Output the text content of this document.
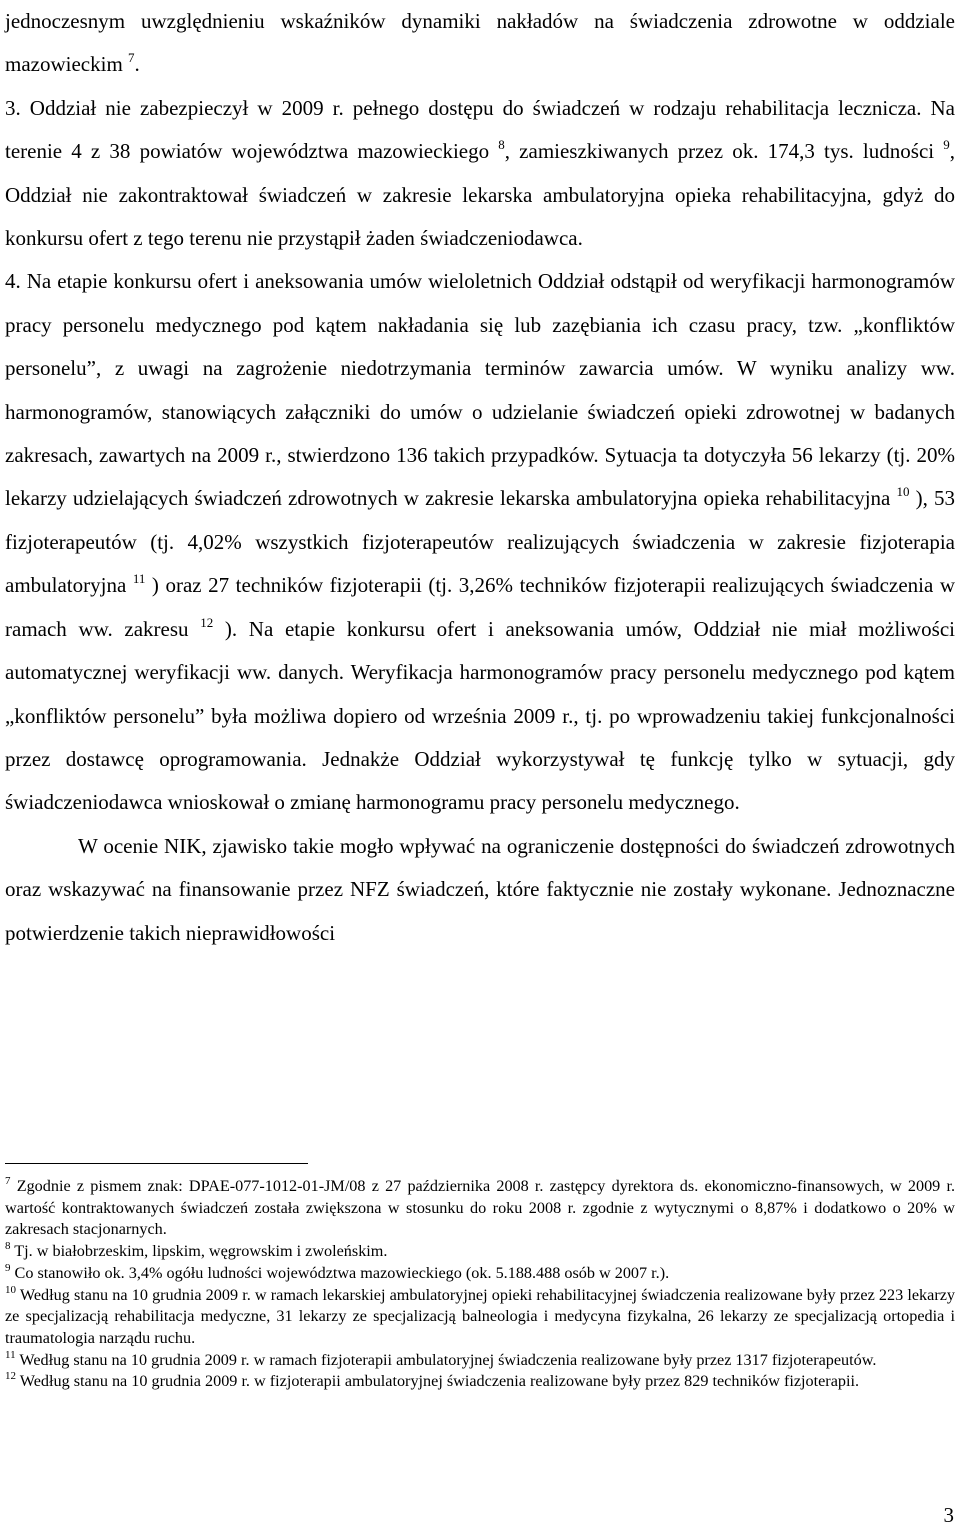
jednoczesnym uwzględnieniu wskaźników dynamiki nakładów na świadczenia zdrowotne w oddziale mazowieckim $^7$.

3. Oddział nie zabezpieczył w 2009 r. pełnego dostępu do świadczeń w rodzaju rehabilitacja lecznicza. Na terenie 4 z 38 powiatów województwa mazowieckiego $^8$, zamieszkiwanych przez ok. 174,3 tys. ludności $^9$, Oddział nie zakontraktował świadczeń w zakresie lekarska ambulatoryjna opieka rehabilitacyjna, gdyż do konkursu ofert z tego terenu nie przystąpił żaden świadczeniodawca.

4. Na etapie konkursu ofert i aneksowania umów wieloletnich Oddział odstąpił od weryfikacji harmonogramów pracy personelu medycznego pod kątem nakładania się lub zazębiania ich czasu pracy, tzw. „konfliktów personelu”, z uwagi na zagrożenie niedotrzymania terminów zawarcia umów. W wyniku analizy ww. harmonogramów, stanowiących załączniki do umów o udzielanie świadczeń opieki zdrowotnej w badanych zakresach, zawartych na 2009 r., stwierdzono 136 takich przypadków. Sytuacja ta dotyczyła 56 lekarzy (tj. 20% lekarzy udzielających świadczeń zdrowotnych w zakresie lekarska ambulatoryjna opieka rehabilitacyjna $^{10}$ ), 53 fizjoterapeutów (tj. 4,02% wszystkich fizjoterapeutów realizujących świadczenia w zakresie fizjoterapia ambulatoryjna $^{11}$ ) oraz 27 techników fizjoterapii (tj. 3,26% techników fizjoterapii realizujących świadczenia w ramach ww. zakresu $^{12}$ ). Na etapie konkursu ofert i aneksowania umów, Oddział nie miał możliwości automatycznej weryfikacji ww. danych. Weryfikacja harmonogramów pracy personelu medycznego pod kątem „konfliktów personelu” była możliwa dopiero od września 2009 r., tj. po wprowadzeniu takiej funkcjonalności przez dostawcę oprogramowania. Jednakże Oddział wykorzystywał tę funkcję tylko w sytuacji, gdy świadczeniodawca wnioskował o zmianę harmonogramu pracy personelu medycznego.

W ocenie NIK, zjawisko takie mogło wpływać na ograniczenie dostępności do świadczeń zdrowotnych oraz wskazywać na finansowanie przez NFZ świadczeń, które faktycznie nie zostały wykonane. Jednoznaczne potwierdzenie takich nieprawidłowości

$^7$ Zgodnie z pismem znak: DPAE-077-1012-01-JM/08 z 27 października 2008 r. zastępcy dyrektora ds. ekonomiczno-finansowych, w 2009 r. wartość kontraktowanych świadczeń została zwiększona w stosunku do roku 2008 r. zgodnie z wytycznymi o 8,87% i dodatkowo o 20% w zakresach stacjonarnych.

$^8$ Tj. w białobrzeskim, lipskim, węgrowskim i zwoleńskim.

$^9$ Co stanowiło ok. 3,4% ogółu ludności województwa mazowieckiego (ok. 5.188.488 osób w 2007 r.).

$^{10}$ Według stanu na 10 grudnia 2009 r. w ramach lekarskiej ambulatoryjnej opieki rehabilitacyjnej świadczenia realizowane były przez 223 lekarzy ze specjalizacją rehabilitacja medyczne, 31 lekarzy ze specjalizacją balneologia i medycyna fizykalna, 26 lekarzy ze specjalizacją ortopedia i traumatologia narządu ruchu.

$^{11}$ Według stanu na 10 grudnia 2009 r. w ramach fizjoterapii ambulatoryjnej świadczenia realizowane były przez 1317 fizjoterapeutów.

$^{12}$ Według stanu na 10 grudnia 2009 r. w fizjoterapii ambulatoryjnej świadczenia realizowane były przez 829 techników fizjoterapii.

3
